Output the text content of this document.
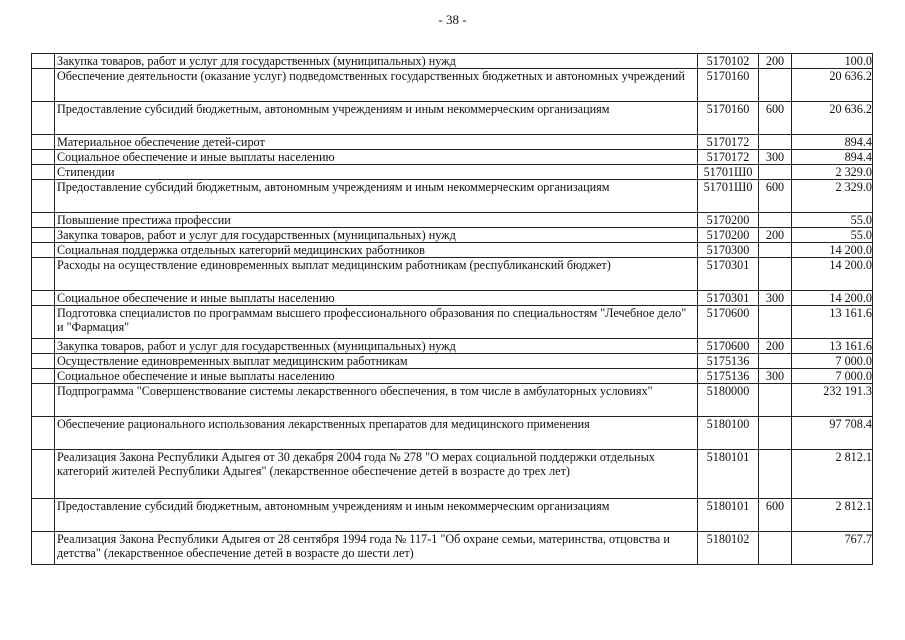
- 38 -
	Закупка товаров, работ и услуг для государственных (муниципальных) нужд	5170102	200	100.0
	Обеспечение деятельности (оказание услуг) подведомственных государственных бюджетных и автономных учреждений	5170160		20 636.2
	Предоставление субсидий бюджетным, автономным учреждениям и иным некоммерческим организациям	5170160	600	20 636.2
	Материальное обеспечение детей-сирот	5170172		894.4
	Социальное обеспечение и иные выплаты населению	5170172	300	894.4
	Стипендии	51701Ш0		2 329.0
	Предоставление субсидий бюджетным, автономным учреждениям и иным некоммерческим организациям	51701Ш0	600	2 329.0
	Повышение престижа профессии	5170200		55.0
	Закупка товаров, работ и услуг для государственных (муниципальных) нужд	5170200	200	55.0
	Социальная поддержка отдельных категорий медицинских работников	5170300		14 200.0
	Расходы на осуществление единовременных выплат медицинским работникам (республиканский бюджет)	5170301		14 200.0
	Социальное обеспечение и иные выплаты населению	5170301	300	14 200.0
	Подготовка специалистов по программам высшего профессионального образования по специальностям "Лечебное дело" и "Фармация"	5170600		13 161.6
	Закупка товаров, работ и услуг для государственных (муниципальных) нужд	5170600	200	13 161.6
	Осуществление единовременных выплат медицинским работникам	5175136		7 000.0
	Социальное обеспечение и иные выплаты населению	5175136	300	7 000.0
	Подпрограмма "Совершенствование системы лекарственного обеспечения, в том числе в амбулаторных условиях"	5180000		232 191.3
	Обеспечение рационального использования лекарственных препаратов для медицинского применения	5180100		97 708.4
	Реализация Закона Республики Адыгея от 30 декабря 2004 года № 278 "О мерах социальной поддержки отдельных категорий жителей Республики Адыгея" (лекарственное обеспечение детей в возрасте до трех лет)	5180101		2 812.1
	Предоставление субсидий бюджетным, автономным учреждениям и иным некоммерческим организациям	5180101	600	2 812.1
	Реализация Закона Республики Адыгея от 28 сентября 1994 года № 117-1 "Об охране семьи, материнства, отцовства и детства" (лекарственное обеспечение детей в возрасте до шести лет)	5180102		767.7
